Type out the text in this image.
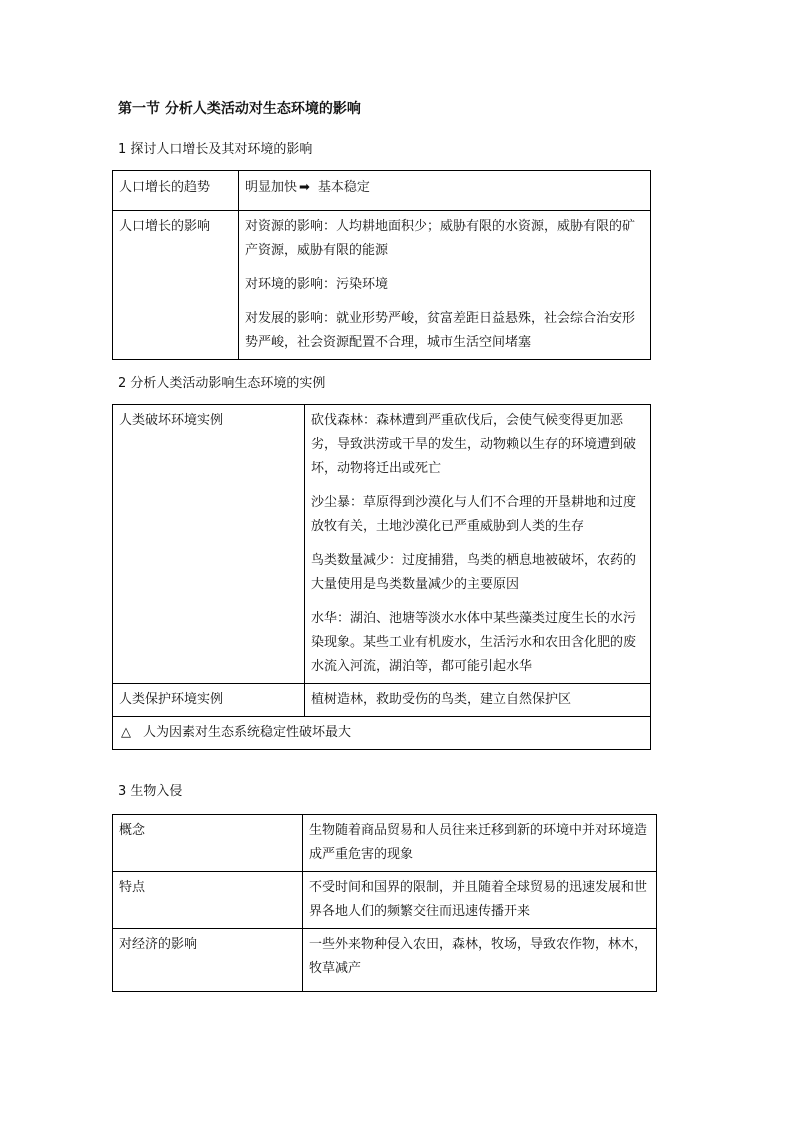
第一节 分析人类活动对生态环境的影响
1 探讨人口增长及其对环境的影响
人口增长的趋势	明显加快 ➡ 基本稳定
人口增长的影响	对资源的影响：人均耕地面积少；威胁有限的水资源，威胁有限的矿产资源，威胁有限的能源

对环境的影响：污染环境

对发展的影响：就业形势严峻，贫富差距日益悬殊，社会综合治安形势严峻，社会资源配置不合理，城市生活空间堵塞

2 分析人类活动影响生态环境的实例
人类破坏环境实例	砍伐森林：森林遭到严重砍伐后，会使气候变得更加恶劣，导致洪涝或干旱的发生，动物赖以生存的环境遭到破坏，动物将迁出或死亡

沙尘暴：草原得到沙漠化与人们不合理的开垦耕地和过度放牧有关，土地沙漠化已严重威胁到人类的生存

鸟类数量减少：过度捕猎，鸟类的栖息地被破坏，农药的大量使用是鸟类数量减少的主要原因

水华：湖泊、池塘等淡水水体中某些藻类过度生长的水污染现象。某些工业有机废水，生活污水和农田含化肥的废水流入河流，湖泊等，都可能引起水华

人类保护环境实例	植树造林，救助受伤的鸟类，建立自然保护区
△ 人为因素对生态系统稳定性破坏最大	
3 生物入侵
概念	生物随着商品贸易和人员往来迁移到新的环境中并对环境造成严重危害的现象
特点	不受时间和国界的限制，并且随着全球贸易的迅速发展和世界各地人们的频繁交往而迅速传播开来
对经济的影响	一些外来物种侵入农田，森林，牧场，导致农作物，林木，牧草减产
